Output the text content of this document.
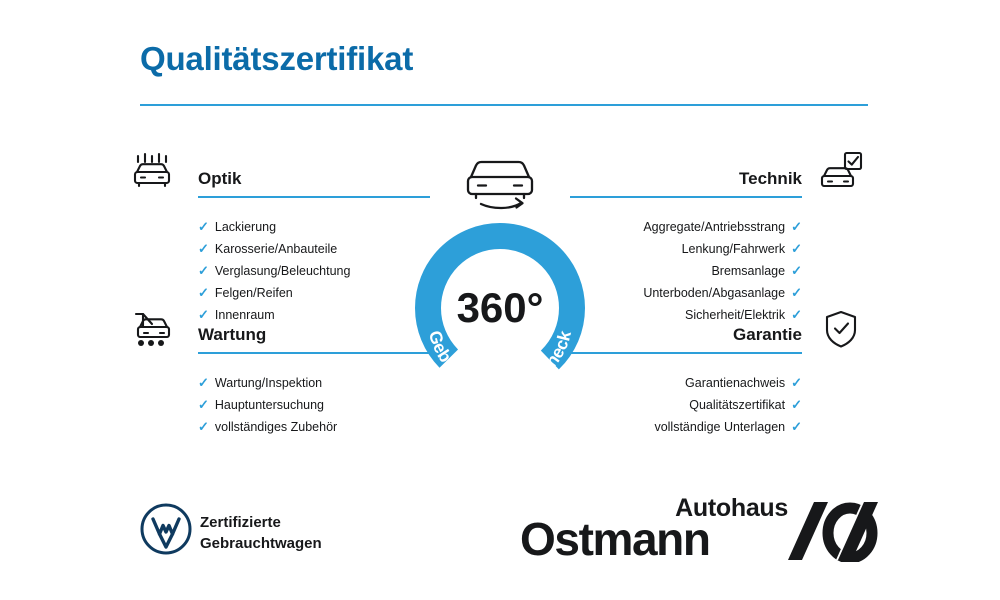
Qualitätszertifikat
Optik
✓ Lackierung
✓ Karosserie/Anbauteile
✓ Verglasung/Beleuchtung
✓ Felgen/Reifen
✓ Innenraum
Wartung
✓ Wartung/Inspektion
✓ Hauptuntersuchung
✓ vollständiges Zubehör
Technik
Aggregate/Antriebsstrang ✓
Lenkung/Fahrwerk ✓
Bremsanlage ✓
Unterboden/Abgasanlage ✓
Sicherheit/Elektrik ✓
Garantie
Garantienachweis ✓
Qualitätszertifikat ✓
vollständige Unterlagen ✓
Gebrauchtwagen-Check
360°
Zertifizierte
Gebrauchtwagen
Autohaus
Ostmann
